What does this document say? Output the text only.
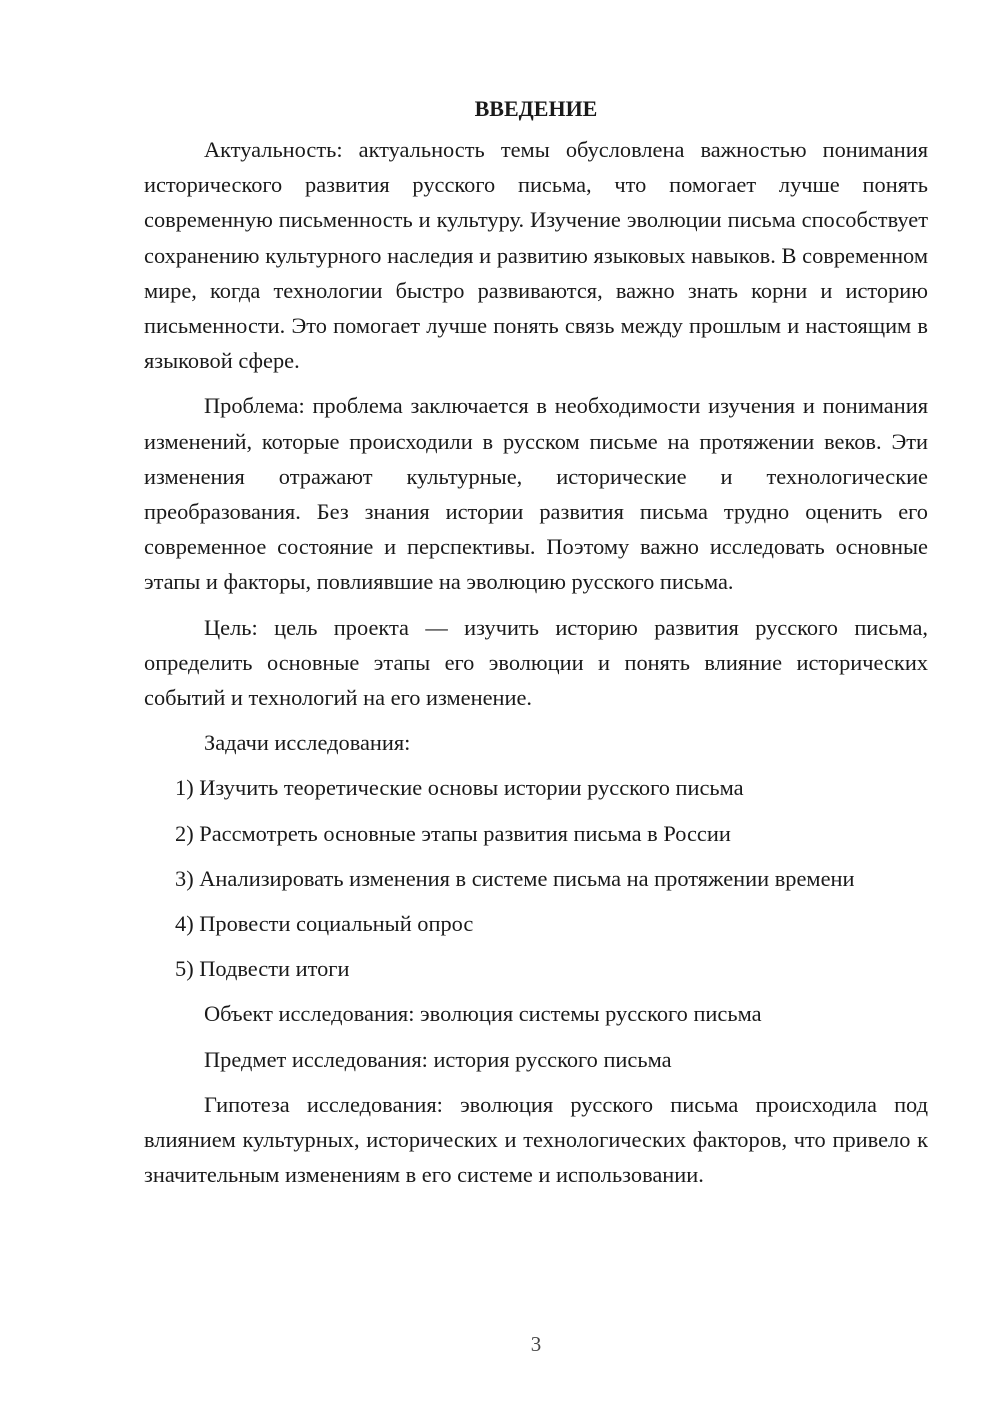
ВВЕДЕНИЕ

Актуальность: актуальность темы обусловлена важностью понимания исторического развития русского письма, что помогает лучше понять современную письменность и культуру. Изучение эволюции письма способствует сохранению культурного наследия и развитию языковых навыков. В современном мире, когда технологии быстро развиваются, важно знать корни и историю письменности. Это помогает лучше понять связь между прошлым и настоящим в языковой сфере.

Проблема: проблема заключается в необходимости изучения и понимания изменений, которые происходили в русском письме на протяжении веков. Эти изменения отражают культурные, исторические и технологические преобразования. Без знания истории развития письма трудно оценить его современное состояние и перспективы. Поэтому важно исследовать основные этапы и факторы, повлиявшие на эволюцию русского письма.

Цель: цель проекта — изучить историю развития русского письма, определить основные этапы его эволюции и понять влияние исторических событий и технологий на его изменение.

Задачи исследования:

1) Изучить теоретические основы истории русского письма
2) Рассмотреть основные этапы развития письма в России
3) Анализировать изменения в системе письма на протяжении времени
4) Провести социальный опрос
5) Подвести итоги

Объект исследования: эволюция системы русского письма

Предмет исследования: история русского письма

Гипотеза исследования: эволюция русского письма происходила под влиянием культурных, исторических и технологических факторов, что привело к значительным изменениям в его системе и использовании.

3
